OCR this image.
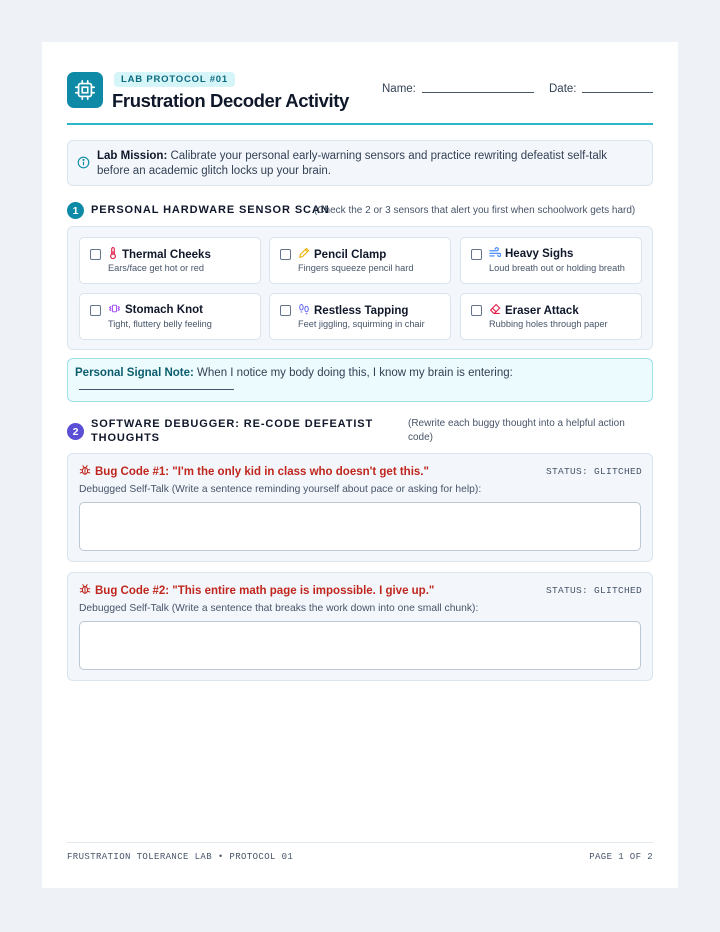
LAB PROTOCOL #01
Frustration Decoder Activity
Name:	Date:
Lab Mission: Calibrate your personal early-warning sensors and practice rewriting defeatist self-talk before an academic glitch locks up your brain.
1	PERSONAL HARDWARE SENSOR SCAN
(Check the 2 or 3 sensors that alert you first when schoolwork gets hard)
Thermal Cheeks
Ears/face get hot or red
Pencil Clamp
Fingers squeeze pencil hard
Heavy Sighs
Loud breath out or holding breath
Stomach Knot
Tight, fluttery belly feeling
Restless Tapping
Feet jiggling, squirming in chair
Eraser Attack
Rubbing holes through paper
Personal Signal Note: When I notice my body doing this, I know my brain is entering:
2
SOFTWARE DEBUGGER: RE-CODE DEFEATIST THOUGHTS
(Rewrite each buggy thought into a helpful action code)
Bug Code #1: "I'm the only kid in class who doesn't get this."	STATUS: GLITCHED
Debugged Self-Talk (Write a sentence reminding yourself about pace or asking for help):
Bug Code #2: "This entire math page is impossible. I give up."	STATUS: GLITCHED
Debugged Self-Talk (Write a sentence that breaks the work down into one small chunk):
FRUSTRATION TOLERANCE LAB • PROTOCOL 01	PAGE 1 OF 2
